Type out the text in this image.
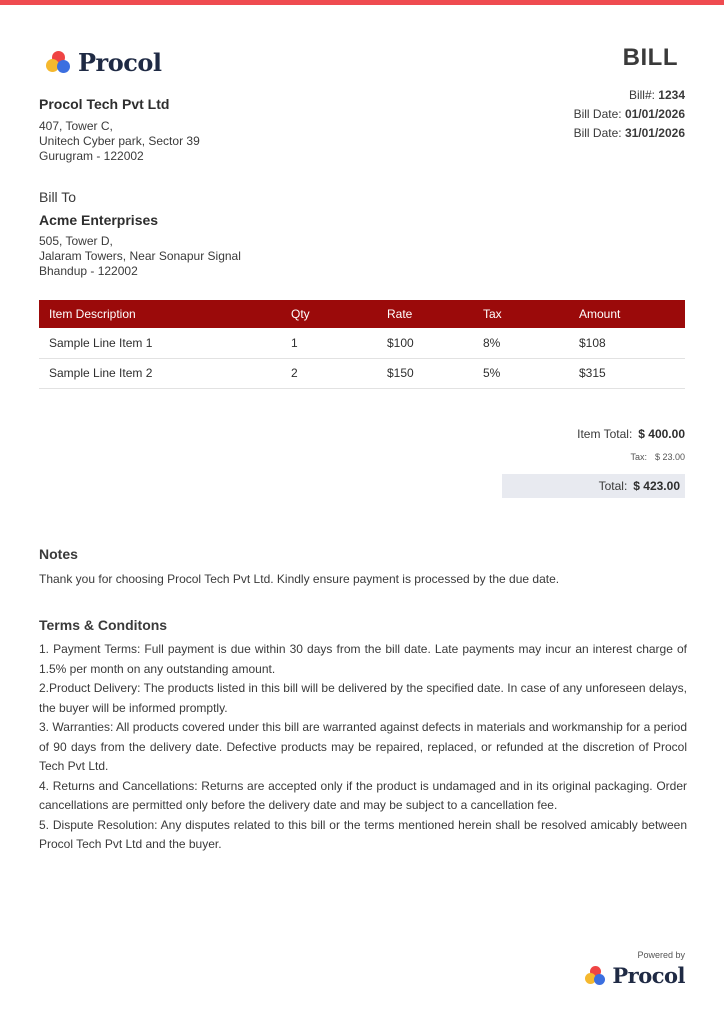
Procol	BILL
Bill#: 1234
Bill Date: 01/01/2026
Bill Date: 31/01/2026
Procol Tech Pvt Ltd
407, Tower C,
Unitech Cyber park, Sector 39
Gurugram - 122002
Bill To
Acme Enterprises
505, Tower D,
Jalaram Towers, Near Sonapur Signal
Bhandup - 122002
Item Description	Qty	Rate	Tax	Amount
Sample Line Item 1	1	$100	8%	$108
Sample Line Item 2	2	$150	5%	$315
Item Total: $ 400.00
Tax: $ 23.00
Total: $ 423.00
Notes
Thank you for choosing Procol Tech Pvt Ltd. Kindly ensure payment is processed by the due date.
Terms & Conditons

1. Payment Terms: Full payment is due within 30 days from the bill date. Late payments may incur an interest charge of 1.5% per month on any outstanding amount.

2.Product Delivery: The products listed in this bill will be delivered by the specified date. In case of any unforeseen delays, the buyer will be informed promptly.

3. Warranties: All products covered under this bill are warranted against defects in materials and workmanship for a period of 90 days from the delivery date. Defective products may be repaired, replaced, or refunded at the discretion of Procol Tech Pvt Ltd.

4. Returns and Cancellations: Returns are accepted only if the product is undamaged and in its original packaging. Order cancellations are permitted only before the delivery date and may be subject to a cancellation fee.

5. Dispute Resolution: Any disputes related to this bill or the terms mentioned herein shall be resolved amicably between Procol Tech Pvt Ltd and the buyer.

Powered by
Procol
